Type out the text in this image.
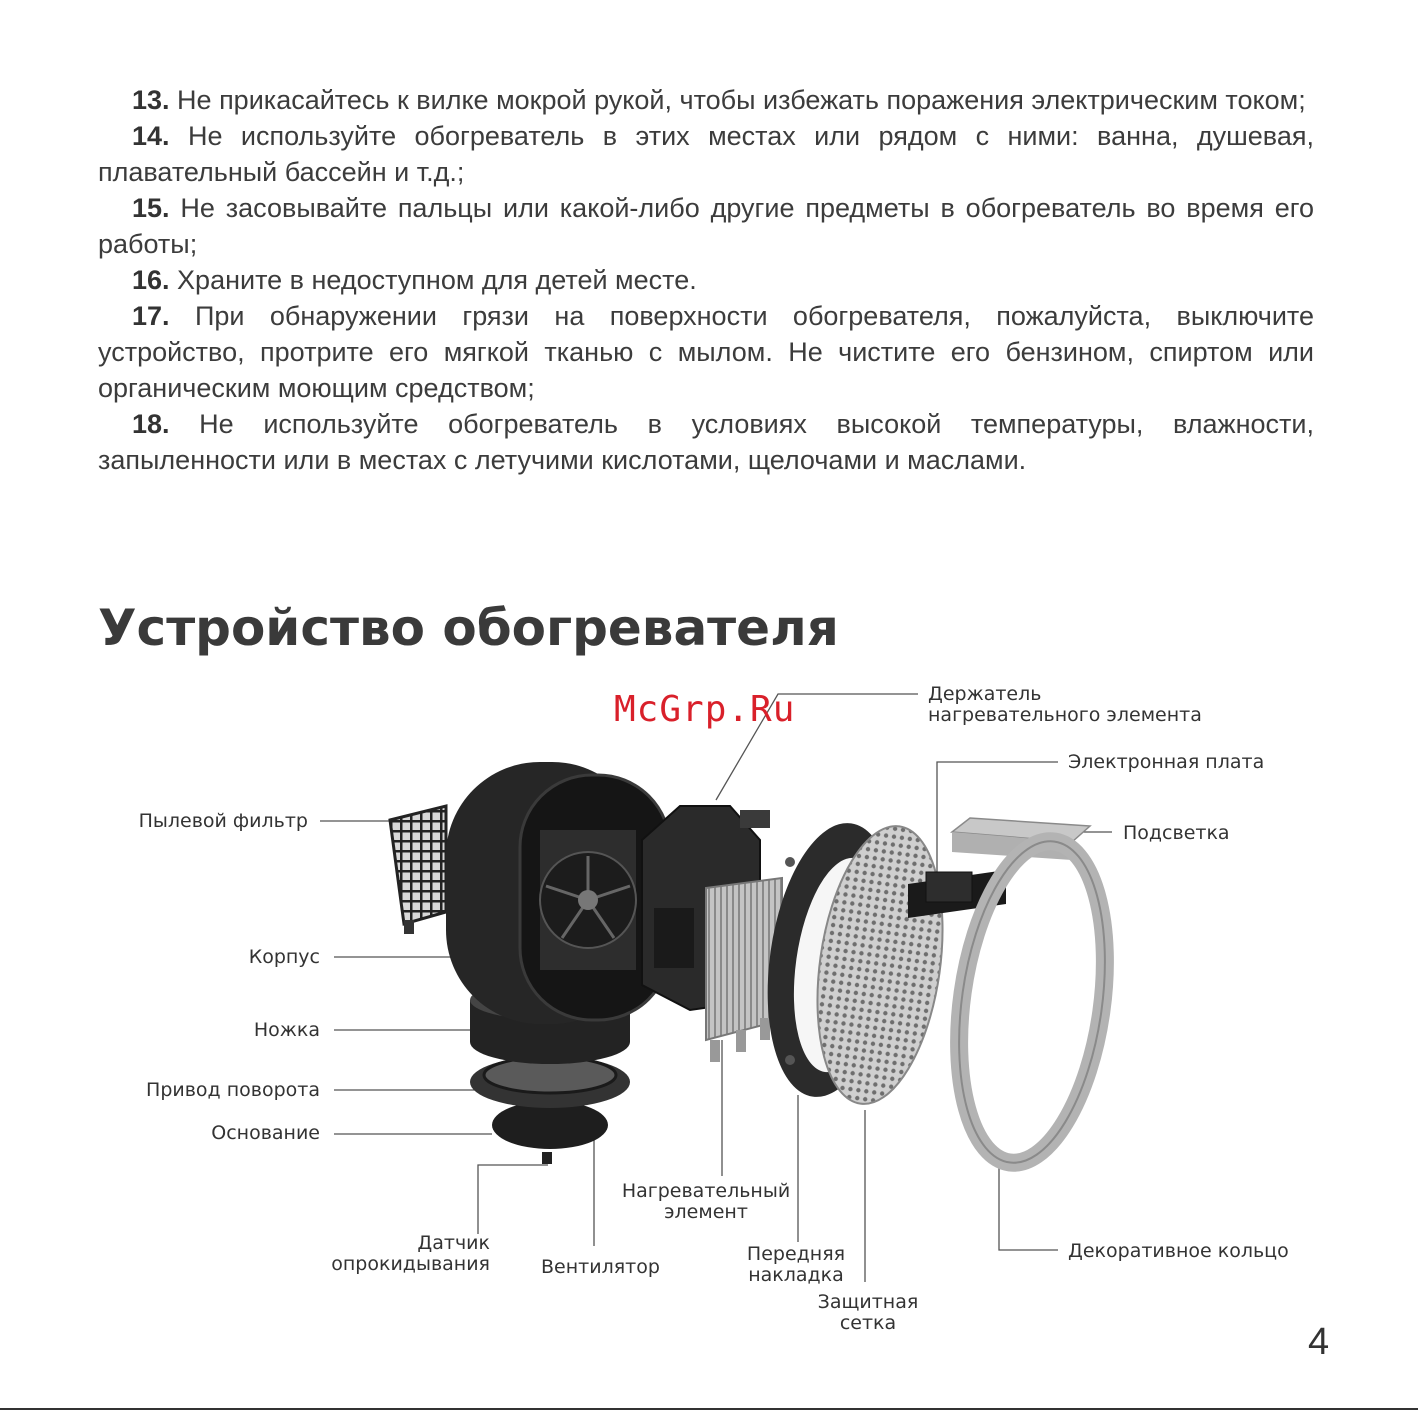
13. Не прикасайтесь к вилке мокрой рукой, чтобы избежать поражения электрическим током;

14. Не используйте обогреватель в этих местах или рядом с ними: ванна, душевая, плавательный бассейн и т.д.;

15. Не засовывайте пальцы или какой-либо другие предметы в обогреватель во время его работы;

16. Храните в недоступном для детей месте.

17. При обнаружении грязи на поверхности обогревателя, пожалуйста, выключите устройство, протрите его мягкой тканью с мылом. Не чистите его бензином, спиртом или органическим моющим средством;

18. Не используйте обогреватель в условиях высокой температуры, влажности, запыленности или в местах с летучими кислотами, щелочами и маслами.

Устройство обогревателя
McGrp.Ru	Держатель
нагревательного элемента
Электронная плата
Подсветка
Пылевой фильтр
Корпус
Ножка
Привод поворота
Основание
Нагревательный
элемент
Датчик
опрокидывания	Вентилятор
Передняя
накладка
Защитная
сетка
Декоративное кольцо
4
